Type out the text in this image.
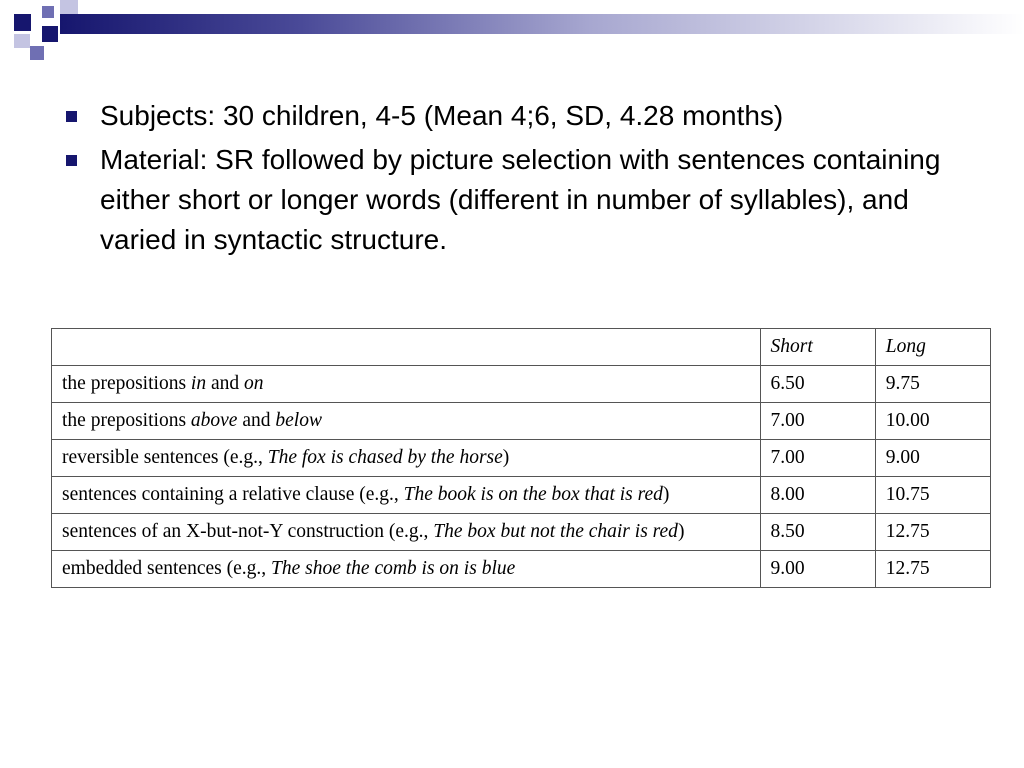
Subjects: 30 children, 4-5 (Mean 4;6, SD, 4.28 months)
Material: SR followed by picture selection with sentences containing either short or longer words (different in number of syllables), and varied in syntactic structure.
	Short	Long
the prepositions in and on	6.50	9.75
the prepositions above and below	7.00	10.00
reversible sentences (e.g., The fox is chased by the horse)	7.00	9.00
sentences containing a relative clause (e.g., The book is on the box that is red)	8.00	10.75
sentences of an X-but-not-Y construction (e.g., The box but not the chair is red)	8.50	12.75
embedded sentences (e.g., The shoe the comb is on is blue	9.00	12.75
